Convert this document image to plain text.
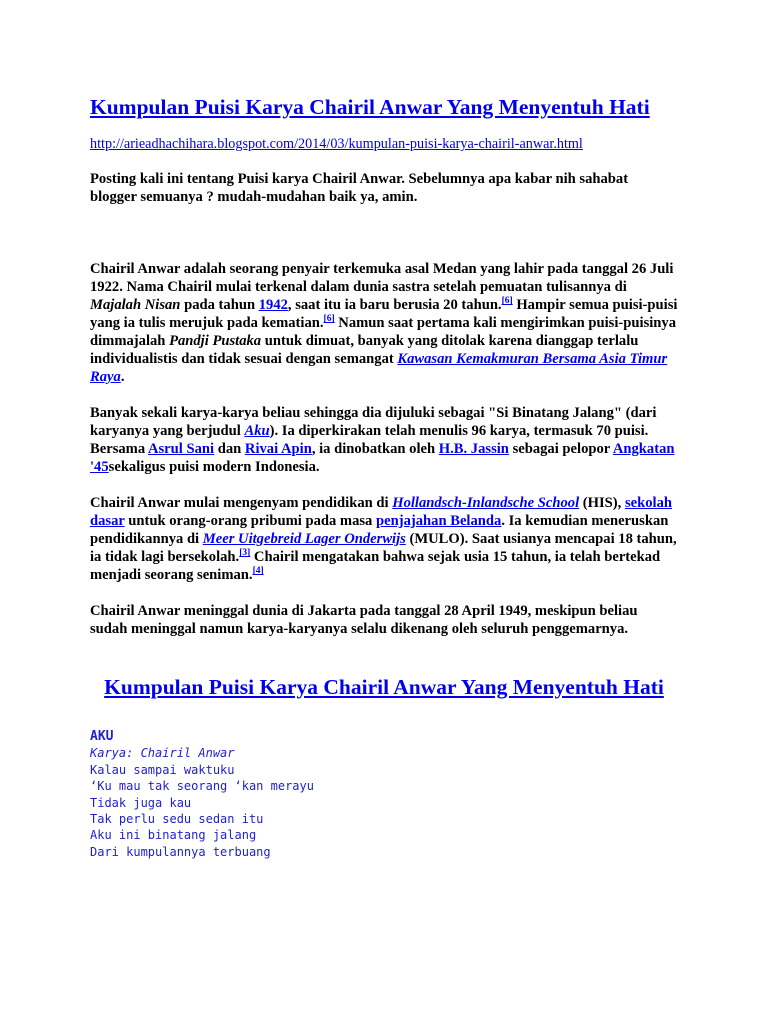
Kumpulan Puisi Karya Chairil Anwar Yang Menyentuh Hati
http://arieadhachihara.blogspot.com/2014/03/kumpulan-puisi-karya-chairil-anwar.html

Posting kali ini tentang Puisi karya Chairil Anwar. Sebelumnya apa kabar nih sahabat blogger semuanya ? mudah-mudahan baik ya, amin.

Chairil Anwar adalah seorang penyair terkemuka asal Medan yang lahir pada tanggal 26 Juli 1922. Nama Chairil mulai terkenal dalam dunia sastra setelah pemuatan tulisannya di Majalah Nisan pada tahun 1942, saat itu ia baru berusia 20 tahun.[6] Hampir semua puisi-puisi yang ia tulis merujuk pada kematian.[6] Namun saat pertama kali mengirimkan puisi-puisinya dimmajalah Pandji Pustaka untuk dimuat, banyak yang ditolak karena dianggap terlalu individualistis dan tidak sesuai dengan semangat Kawasan Kemakmuran Bersama Asia Timur Raya.

Banyak sekali karya-karya beliau sehingga dia dijuluki sebagai "Si Binatang Jalang" (dari karyanya yang berjudul Aku). Ia diperkirakan telah menulis 96 karya, termasuk 70 puisi. Bersama Asrul Sani dan Rivai Apin, ia dinobatkan oleh H.B. Jassin sebagai pelopor Angkatan '45sekaligus puisi modern Indonesia.

Chairil Anwar mulai mengenyam pendidikan di Hollandsch-Inlandsche School (HIS), sekolah dasar untuk orang-orang pribumi pada masa penjajahan Belanda. Ia kemudian meneruskan pendidikannya di Meer Uitgebreid Lager Onderwijs (MULO). Saat usianya mencapai 18 tahun, ia tidak lagi bersekolah.[3] Chairil mengatakan bahwa sejak usia 15 tahun, ia telah bertekad menjadi seorang seniman.[4]

Chairil Anwar meninggal dunia di Jakarta pada tanggal 28 April 1949, meskipun beliau sudah meninggal namun karya-karyanya selalu dikenang oleh seluruh penggemarnya.

Kumpulan Puisi Karya Chairil Anwar Yang Menyentuh Hati
AKU
Karya: Chairil Anwar
Kalau sampai waktuku
‘Ku mau tak seorang ‘kan merayu
Tidak juga kau
Tak perlu sedu sedan itu
Aku ini binatang jalang
Dari kumpulannya terbuang
